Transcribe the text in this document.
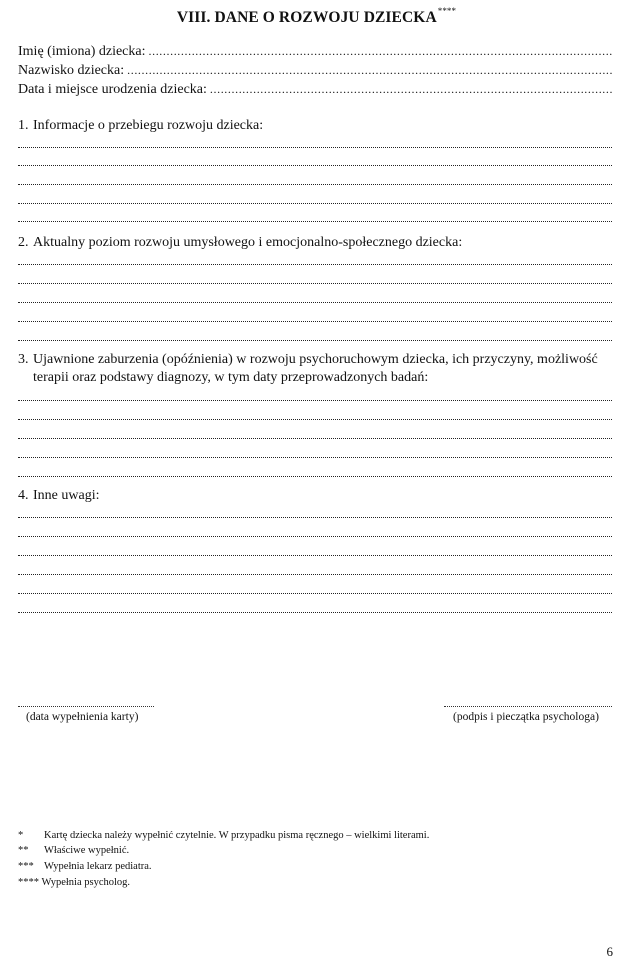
VIII. DANE O ROZWOJU DZIECKA****
Imię (imiona) dziecka:
.....
Nazwisko dziecka:
.....
Data i miejsce urodzenia dziecka:
.....
1. Informacje o przebiegu rozwoju dziecka:
2. Aktualny poziom rozwoju umysłowego i emocjonalno-społecznego dziecka:
3. Ujawnione zaburzenia (opóźnienia) w rozwoju psychoruchowym dziecka, ich przyczyny, możliwość
terapii oraz podstawy diagnozy, w tym daty przeprowadzonych badań:
4. Inne uwagi:
(data wypełnienia karty)	(podpis i pieczątka psychologa)
* Kartę dziecka należy wypełnić czytelnie. W przypadku pisma ręcznego – wielkimi literami.
** Właściwe wypełnić.
*** Wypełnia lekarz pediatra.
**** Wypełnia psycholog.
6
